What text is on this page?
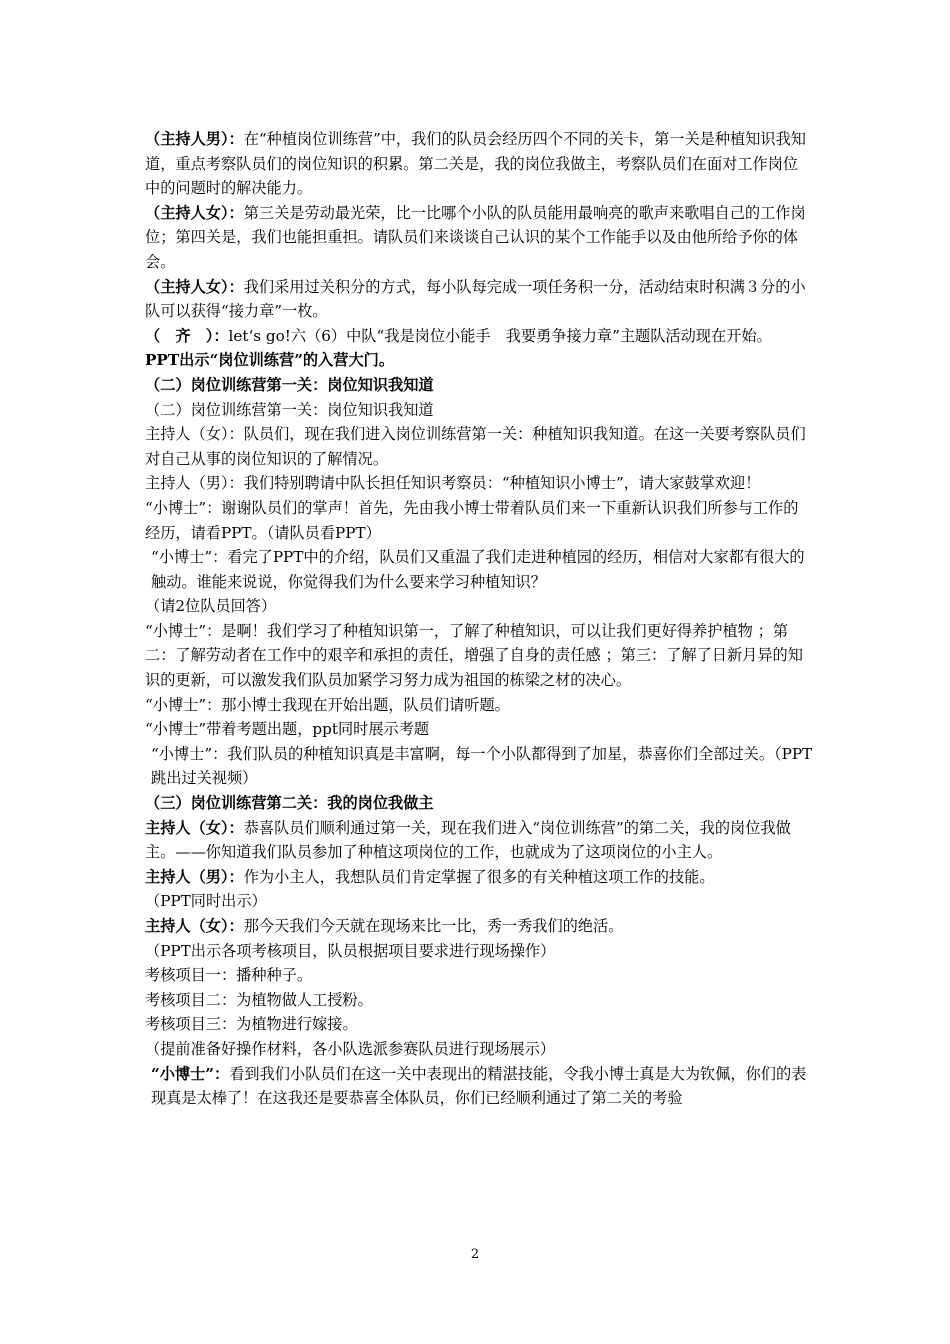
（主持人男）：在“种植岗位训练营”中，我们的队员会经历四个不同的关卡，第一关是种植知识我知道，重点考察队员们的岗位知识的积累。第二关是，我的岗位我做主，考察队员们在面对工作岗位中的问题时的解决能力。

（主持人女）：第三关是劳动最光荣，比一比哪个小队的队员能用最响亮的歌声来歌唱自己的工作岗位；第四关是，我们也能担重担。请队员们来谈谈自己认识的某个工作能手以及由他所给予你的体会。

（主持人女）：我们采用过关积分的方式，每小队每完成一项任务积一分，活动结束时积满３分的小队可以获得“接力章”一枚。

（　齐　）：let‘s go!六（6）中队“我是岗位小能手　我要勇争接力章”主题队活动现在开始。

PPT出示“岗位训练营”的入营大门。

（二）岗位训练营第一关：岗位知识我知道

（二）岗位训练营第一关：岗位知识我知道

主持人（女）：队员们，现在我们进入岗位训练营第一关：种植知识我知道。在这一关要考察队员们对自己从事的岗位知识的了解情况。

主持人（男）：我们特别聘请中队长担任知识考察员：“种植知识小博士”，请大家鼓掌欢迎！

“小博士”：谢谢队员们的掌声！首先，先由我小博士带着队员们来一下重新认识我们所参与工作的经历，请看PPT。（请队员看PPT）

“小博士”：看完了PPT中的介绍，队员们又重温了我们走进种植园的经历，相信对大家都有很大的触动。谁能来说说，你觉得我们为什么要来学习种植知识？

（请2位队员回答）

“小博士”：是啊！我们学习了种植知识第一，了解了种植知识，可以让我们更好得养护植物 ；第二：了解劳动者在工作中的艰辛和承担的责任，增强了自身的责任感 ；第三：了解了日新月异的知识的更新，可以激发我们队员加紧学习努力成为祖国的栋梁之材的决心。

“小博士”：那小博士我现在开始出题，队员们请听题。

“小博士”带着考题出题，ppt同时展示考题

“小博士”：我们队员的种植知识真是丰富啊，每一个小队都得到了加星，恭喜你们全部过关。（PPT跳出过关视频）

（三）岗位训练营第二关：我的岗位我做主

主持人（女）：恭喜队员们顺利通过第一关，现在我们进入“岗位训练营”的第二关，我的岗位我做主。——你知道我们队员参加了种植这项岗位的工作，也就成为了这项岗位的小主人。

主持人（男）：作为小主人，我想队员们肯定掌握了很多的有关种植这项工作的技能。

（PPT同时出示）

主持人（女）：那今天我们今天就在现场来比一比，秀一秀我们的绝活。

（PPT出示各项考核项目，队员根据项目要求进行现场操作）

考核项目一：播种种子。

考核项目二：为植物做人工授粉。

考核项目三：为植物进行嫁接。

（提前准备好操作材料，各小队选派参赛队员进行现场展示）

“小博士”：看到我们小队员们在这一关中表现出的精湛技能，令我小博士真是大为钦佩，你们的表现真是太棒了！在这我还是要恭喜全体队员，你们已经顺利通过了第二关的考验

2
